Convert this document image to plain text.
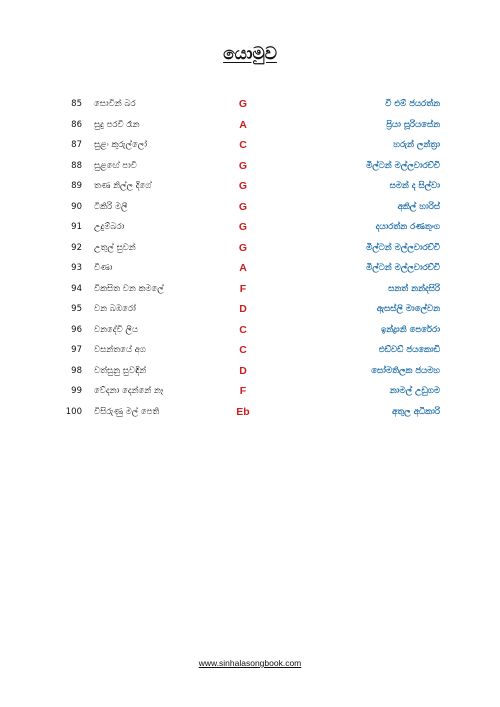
යොමුව
85 සොවින් බර	G	වී එම් ජයරත්න
86 සුදු පරවී රෑන	A	ප්‍රියා සූරියසේන
87 සුළං කුරුල්ලෝ	C	හරුන් ලන්ත්‍රා
88 සුළඟේ පාවී	G	මිල්ටන් මල්ලවාරච්චි
89 තණ නිල්ල දිගේ	G	සමන් ද සිල්වා
90 ටිකිරි මලී	G	අකිල් හාරිස්
91 උදුම්බරා	G	දයාරත්න රණතුංග
92 උතුල් සුවන්	G	මිල්ටන් මල්ලවාරච්චි
93 වීණා	A	මිල්ටන් මල්ලවාරච්චි
94 විකසිත වන කමලේ	F	සනත් නන්දසිරි
95 වන බඹරෝ	D	ඇසස්ලි මාලේවන
96 වනදේවි ලීය	C	ඉන්ද්‍රානි පෙරේරා
97 වසන්තයේ අග	C	එඩ්වඩ් ජයකොඩි
98 වත්සුනු සුවඳින්	D	සෝමතිලක ජයමහ
99 වේදනා දෙන්නේ නෑ	F	නාමල් උඩුගම
100 විසිරුණු මල් පෙති	Eb	අතුල අධිකාරි
www.sinhalasongbook.com
